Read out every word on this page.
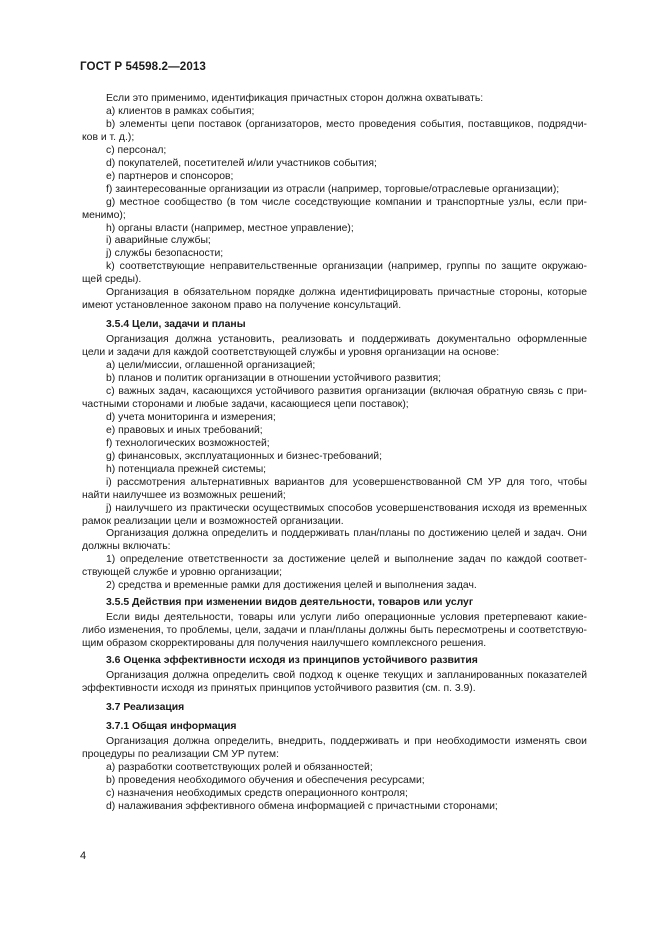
ГОСТ Р 54598.2—2013

Если это применимо, идентификация причастных сторон должна охватывать:

a) клиентов в рамках события;

b) элементы цепи поставок (организаторов, место проведения события, поставщиков, подрядчи-

ков и т. д.);

c) персонал;

d) покупателей, посетителей и/или участников события;

e) партнеров и спонсоров;

f) заинтересованные организации из отрасли (например, торговые/отраслевые организации);

g) местное сообщество (в том числе соседствующие компании и транспортные узлы, если при-

менимо);

h) органы власти (например, местное управление);

i) аварийные службы;

j) службы безопасности;

k) соответствующие неправительственные организации (например, группы по защите окружаю-

щей среды).

Организация в обязательном порядке должна идентифицировать причастные стороны, которые

имеют установленное законом право на получение консультаций.

3.5.4 Цели, задачи и планы

Организация должна установить, реализовать и поддерживать документально оформленные

цели и задачи для каждой соответствующей службы и уровня организации на основе:

a) цели/миссии, оглашенной организацией;

b) планов и политик организации в отношении устойчивого развития;

c) важных задач, касающихся устойчивого развития организации (включая обратную связь с при-

частными сторонами и любые задачи, касающиеся цепи поставок);

d) учета мониторинга и измерения;

e) правовых и иных требований;

f) технологических возможностей;

g) финансовых, эксплуатационных и бизнес-требований;

h) потенциала прежней системы;

i) рассмотрения альтернативных вариантов для усовершенствованной СМ УР для того, чтобы

найти наилучшее из возможных решений;

j) наилучшего из практически осуществимых способов усовершенствования исходя из временных

рамок реализации цели и возможностей организации.

Организация должна определить и поддерживать план/планы по достижению целей и задач. Они

должны включать:

1) определение ответственности за достижение целей и выполнение задач по каждой соответ-

ствующей службе и уровню организации;

2) средства и временные рамки для достижения целей и выполнения задач.

3.5.5 Действия при изменении видов деятельности, товаров или услуг

Если виды деятельности, товары или услуги либо операционные условия претерпевают какие-

либо изменения, то проблемы, цели, задачи и план/планы должны быть пересмотрены и соответствую-

щим образом скорректированы для получения наилучшего комплексного решения.

3.6 Оценка эффективности исходя из принципов устойчивого развития

Организация должна определить свой подход к оценке текущих и запланированных показателей

эффективности исходя из принятых принципов устойчивого развития (см. п. 3.9).

3.7 Реализация

3.7.1 Общая информация

Организация должна определить, внедрить, поддерживать и при необходимости изменять свои

процедуры по реализации СМ УР путем:

a) разработки соответствующих ролей и обязанностей;

b) проведения необходимого обучения и обеспечения ресурсами;

c) назначения необходимых средств операционного контроля;

d) налаживания эффективного обмена информацией с причастными сторонами;

4
